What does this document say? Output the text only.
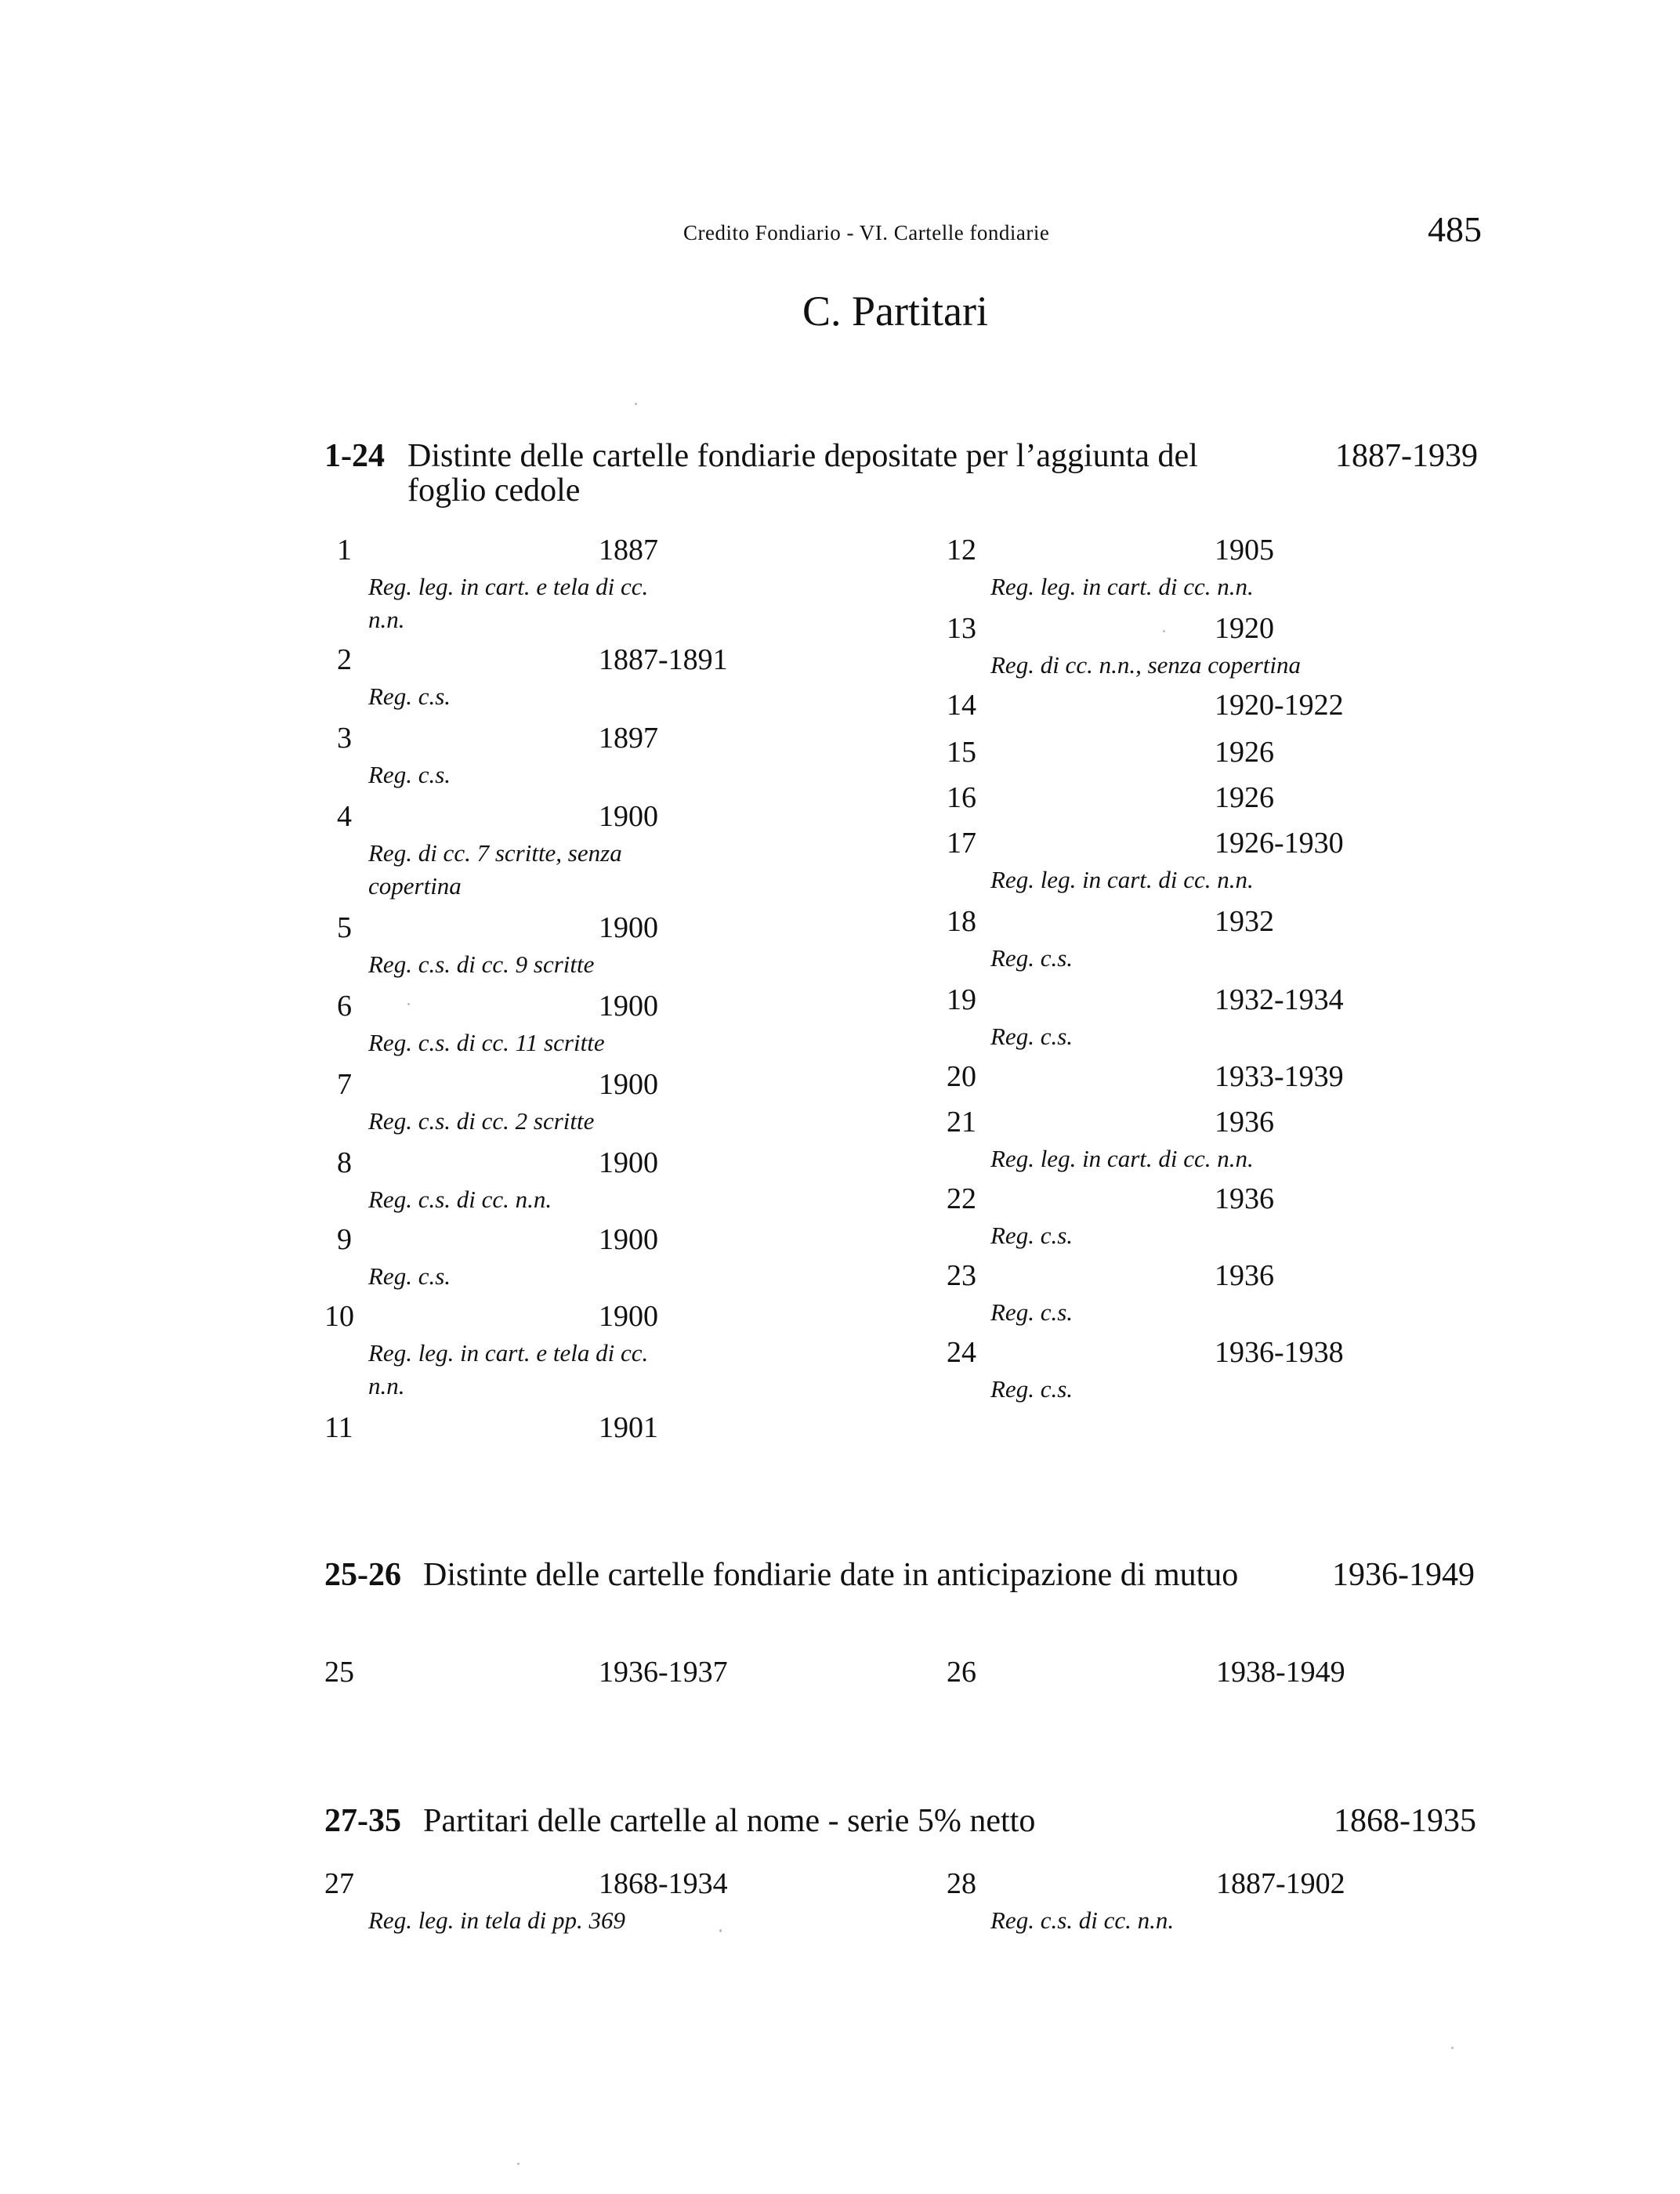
Credito Fondiario - VI. Cartelle fondiarie	485
C. Partitari
1-24 Distinte delle cartelle fondiarie depositate per l’aggiunta del foglio cedole
1887-1939
1	1887
Reg. leg. in cart. e tela di cc. n.n.
2	1887-1891
Reg. c.s.
3	1897
Reg. c.s.
4	1900
Reg. di cc. 7 scritte, senza copertina
5	1900
Reg. c.s. di cc. 9 scritte
6	1900
Reg. c.s. di cc. 11 scritte
7	1900
Reg. c.s. di cc. 2 scritte
8	1900
Reg. c.s. di cc. n.n.
9	1900
Reg. c.s.
10	1900
Reg. leg. in cart. e tela di cc. n.n.
11	1901
12	1905
Reg. leg. in cart. di cc. n.n.
13	1920
Reg. di cc. n.n., senza copertina
14	1920-1922
15	1926
16	1926
17	1926-1930
Reg. leg. in cart. di cc. n.n.
18	1932
Reg. c.s.
19	1932-1934
Reg. c.s.
20	1933-1939
21	1936
Reg. leg. in cart. di cc. n.n.
22	1936
Reg. c.s.
23	1936
Reg. c.s.
24	1936-1938
Reg. c.s.
25-26 Distinte delle cartelle fondiarie date in anticipazione di mutuo	1936-1949
25	1936-1937	26	1938-1949
27-35 Partitari delle cartelle al nome - serie 5% netto	1868-1935
27	1868-1934
Reg. leg. in tela di pp. 369
28	1887-1902
Reg. c.s. di cc. n.n.
